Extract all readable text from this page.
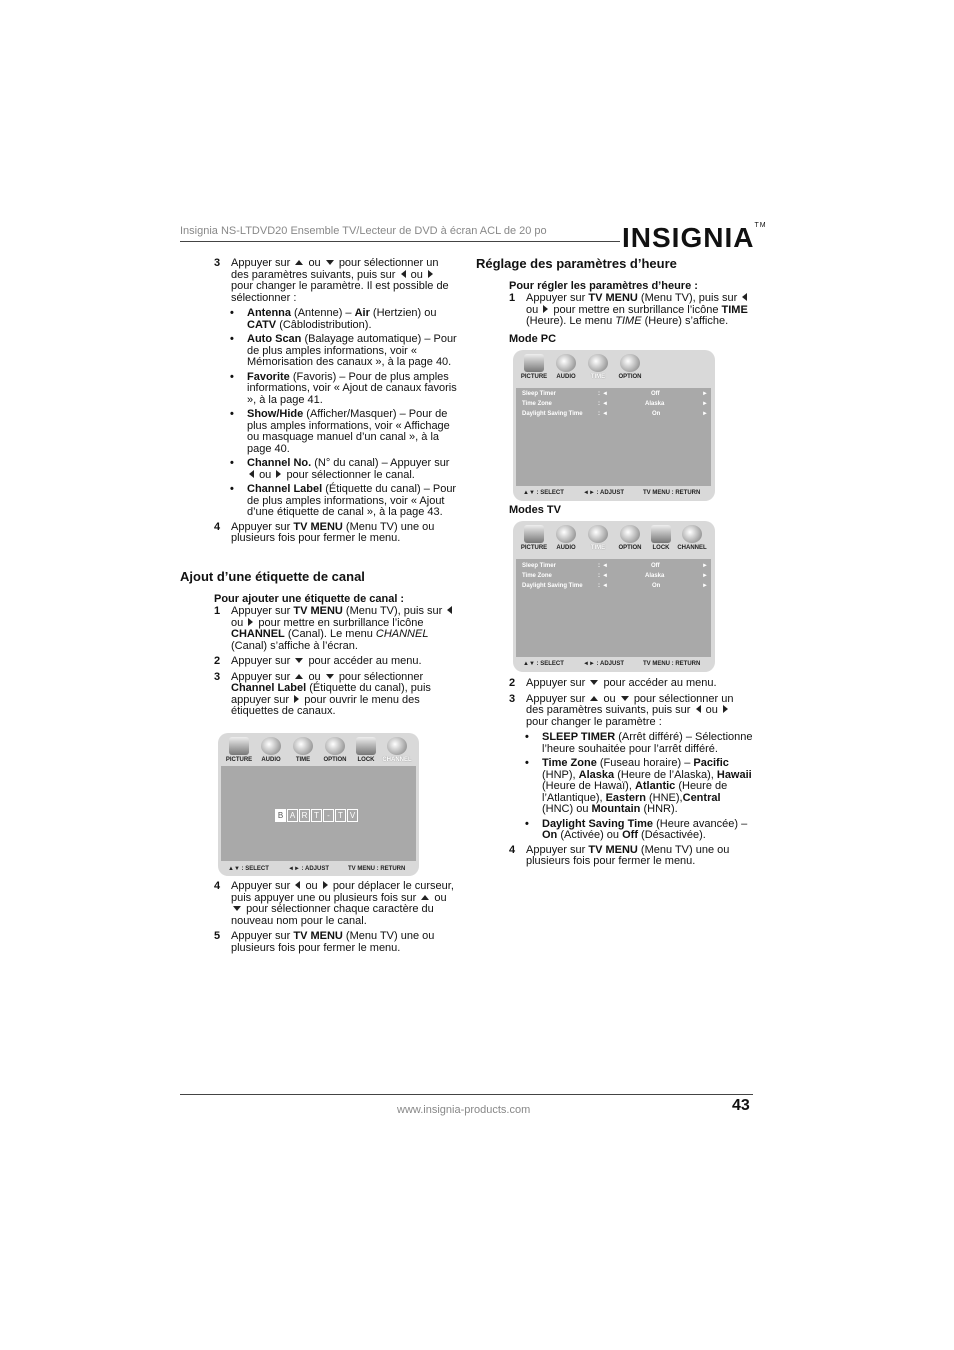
Insignia NS-LTDVD20 Ensemble TV/Lecteur de DVD à écran ACL de 20 po	INSIGNIA™
3 Appuyer sur ou pour sélectionner un des paramètres suivants, puis sur ou  pour changer le paramètre. Il est possible de sélectionner :
• Antenna (Antenne) – Air (Hertzien) ou CATV (Câblodistribution).
• Auto Scan (Balayage automatique) – Pour de plus amples informations, voir « Mémorisation des canaux », à la page 40.
• Favorite (Favoris) – Pour de plus amples informations, voir « Ajout de canaux favoris », à la page 41.
• Show/Hide (Afficher/Masquer) – Pour de plus amples informations, voir « Affichage ou masquage manuel d’un canal », à la page 40.
• Channel No. (N° du canal) – Appuyer sur  ou pour sélectionner le canal.
• Channel Label (Étiquette du canal) – Pour de plus amples informations, voir « Ajout d’une étiquette de canal », à la page 43.
4 Appuyer sur TV MENU (Menu TV) une ou plusieurs fois pour fermer le menu.
Ajout d’une étiquette de canal
Pour ajouter une étiquette de canal :
1 Appuyer sur TV MENU (Menu TV), puis sur  ou pour mettre en surbrillance l’icône CHANNEL (Canal). Le menu CHANNEL (Canal) s’affiche à l’écran.
2 Appuyer sur pour accéder au menu.
3 Appuyer sur ou pour sélectionner Channel Label (Étiquette du canal), puis appuyer sur pour ouvrir le menu des étiquettes de canaux.
PICTURE	AUDIO	TIME	OPTION	LOCK	CHANNEL
B A R T	-	T V
▲▼ : SELECT	◄► : ADJUST	TV MENU : RETURN
4 Appuyer sur ou pour déplacer le curseur, puis appuyer une ou plusieurs fois sur ou  pour sélectionner chaque caractère du nouveau nom pour le canal.
5 Appuyer sur TV MENU (Menu TV) une ou plusieurs fois pour fermer le menu.
Réglage des paramètres d’heure
Pour régler les paramètres d’heure :
1 Appuyer sur TV MENU (Menu TV), puis sur  ou pour mettre en surbrillance l’icône TIME (Heure). Le menu TIME (Heure) s’affiche.
Mode PC
PICTURE	AUDIO	TIME	OPTION
Sleep Timer	: ◄	Off	►
Time Zone	: ◄	Alaska	►
Daylight Saving Time	: ◄	On	►
▲▼ : SELECT	◄► : ADJUST	TV MENU : RETURN
Modes TV
PICTURE	AUDIO	TIME	OPTION	LOCK	CHANNEL
Sleep Timer	: ◄	Off	►
Time Zone	: ◄	Alaska	►
Daylight Saving Time	: ◄	On	►
▲▼ : SELECT	◄► : ADJUST	TV MENU : RETURN
2 Appuyer sur pour accéder au menu.
3 Appuyer sur ou pour sélectionner un des paramètres suivants, puis sur ou  pour changer le paramètre :
• SLEEP TIMER (Arrêt différé) – Sélectionne l’heure souhaitée pour l’arrêt différé.
• Time Zone (Fuseau horaire) – Pacific (HNP), Alaska (Heure de l’Alaska), Hawaii (Heure de Hawaï), Atlantic (Heure de l’Atlantique), Eastern (HNE),Central (HNC) ou Mountain (HNR).
• Daylight Saving Time (Heure avancée) – On (Activée) ou Off (Désactivée).
4 Appuyer sur TV MENU (Menu TV) une ou plusieurs fois pour fermer le menu.
www.insignia-products.com	43
